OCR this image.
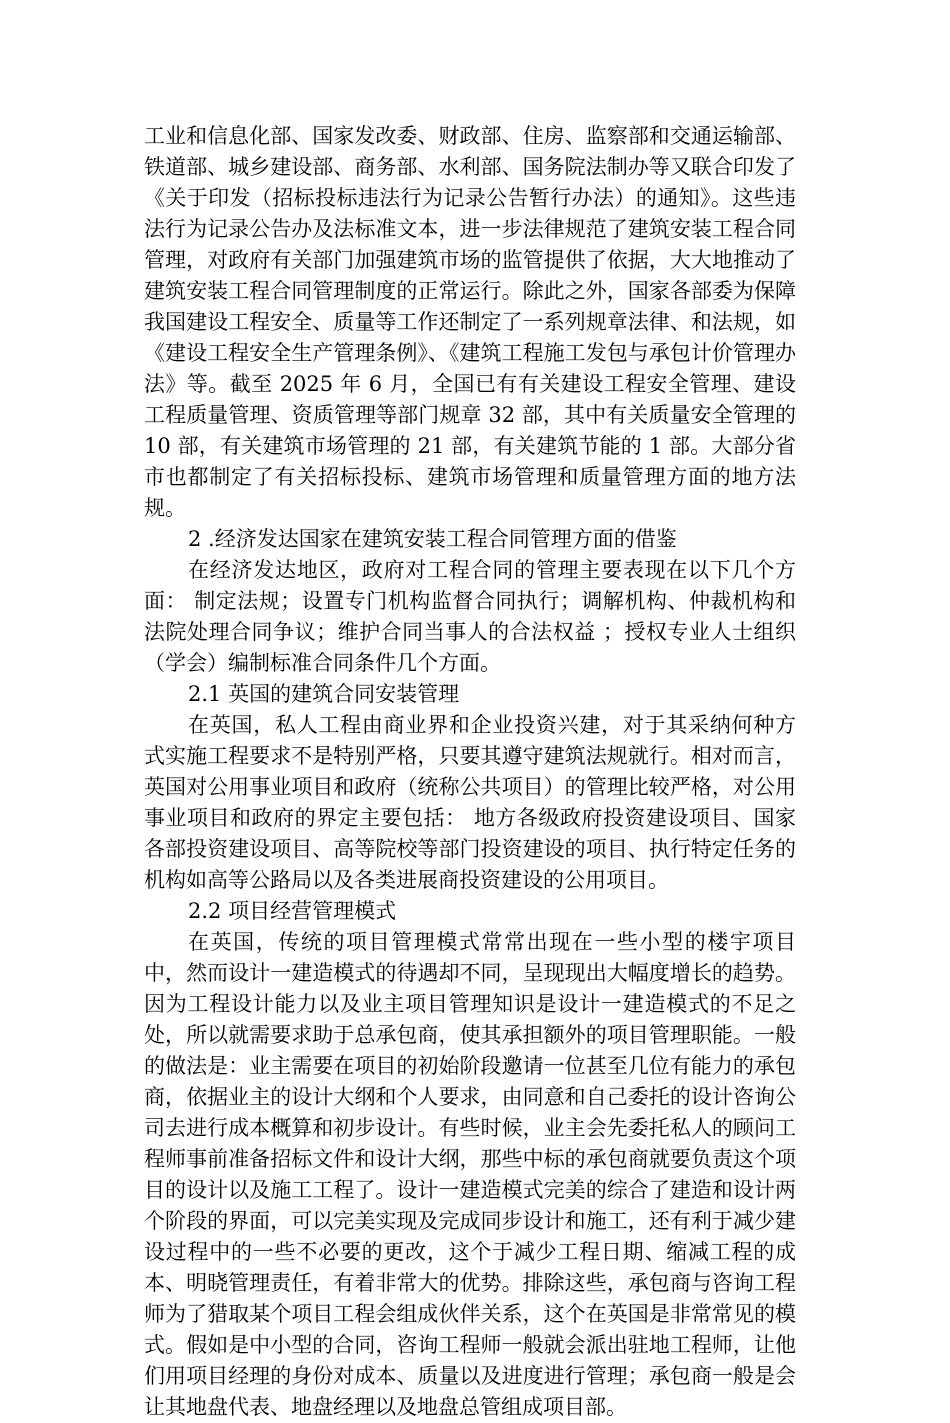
工业和信息化部、国家发改委、财政部、住房、监察部和交通运输部、铁道部、城乡建设部、商务部、水利部、国务院法制办等又联合印发了《关于印发（招标投标违法行为记录公告暂行办法）的通知》。这些违法行为记录公告办及法标准文本，进一步法律规范了建筑安装工程合同管理，对政府有关部门加强建筑市场的监管提供了依据，大大地推动了建筑安装工程合同管理制度的正常运行。除此之外，国家各部委为保障我国建设工程安全、质量等工作还制定了一系列规章法律、和法规，如《建设工程安全生产管理条例》、《建筑工程施工发包与承包计价管理办法》等。截至 2025 年 6 月，全国已有有关建设工程安全管理、建设工程质量管理、资质管理等部门规章 32 部，其中有关质量安全管理的 10 部，有关建筑市场管理的 21 部，有关建筑节能的 1 部。大部分省市也都制定了有关招标投标、建筑市场管理和质量管理方面的地方法规。

2 .经济发达国家在建筑安装工程合同管理方面的借鉴

在经济发达地区，政府对工程合同的管理主要表现在以下几个方面： 制定法规；设置专门机构监督合同执行；调解机构、仲裁机构和法院处理合同争议；维护合同当事人的合法权益 ；授权专业人士组织（学会）编制标准合同条件几个方面。

2.1 英国的建筑合同安装管理

在英国，私人工程由商业界和企业投资兴建，对于其采纳何种方式实施工程要求不是特别严格，只要其遵守建筑法规就行。相对而言，英国对公用事业项目和政府（统称公共项目）的管理比较严格，对公用事业项目和政府的界定主要包括： 地方各级政府投资建设项目、国家各部投资建设项目、高等院校等部门投资建设的项目、执行特定任务的机构如高等公路局以及各类进展商投资建设的公用项目。

2.2 项目经营管理模式

在英国，传统的项目管理模式常常出现在一些小型的楼宇项目中，然而设计一建造模式的待遇却不同，呈现现出大幅度增长的趋势。因为工程设计能力以及业主项目管理知识是设计一建造模式的不足之处，所以就需要求助于总承包商，使其承担额外的项目管理职能。一般的做法是：业主需要在项目的初始阶段邀请一位甚至几位有能力的承包商，依据业主的设计大纲和个人要求，由同意和自己委托的设计咨询公司去进行成本概算和初步设计。有些时候，业主会先委托私人的顾问工程师事前准备招标文件和设计大纲，那些中标的承包商就要负责这个项目的设计以及施工工程了。设计一建造模式完美的综合了建造和设计两个阶段的界面，可以完美实现及完成同步设计和施工，还有利于减少建设过程中的一些不必要的更改，这个于减少工程日期、缩减工程的成本、明晓管理责任，有着非常大的优势。排除这些，承包商与咨询工程师为了猎取某个项目工程会组成伙伴关系，这个在英国是非常常见的模式。假如是中小型的合同，咨询工程师一般就会派出驻地工程师，让他们用项目经理的身份对成本、质量以及进度进行管理；承包商一般是会让其地盘代表、地盘经理以及地盘总管组成项目部。
